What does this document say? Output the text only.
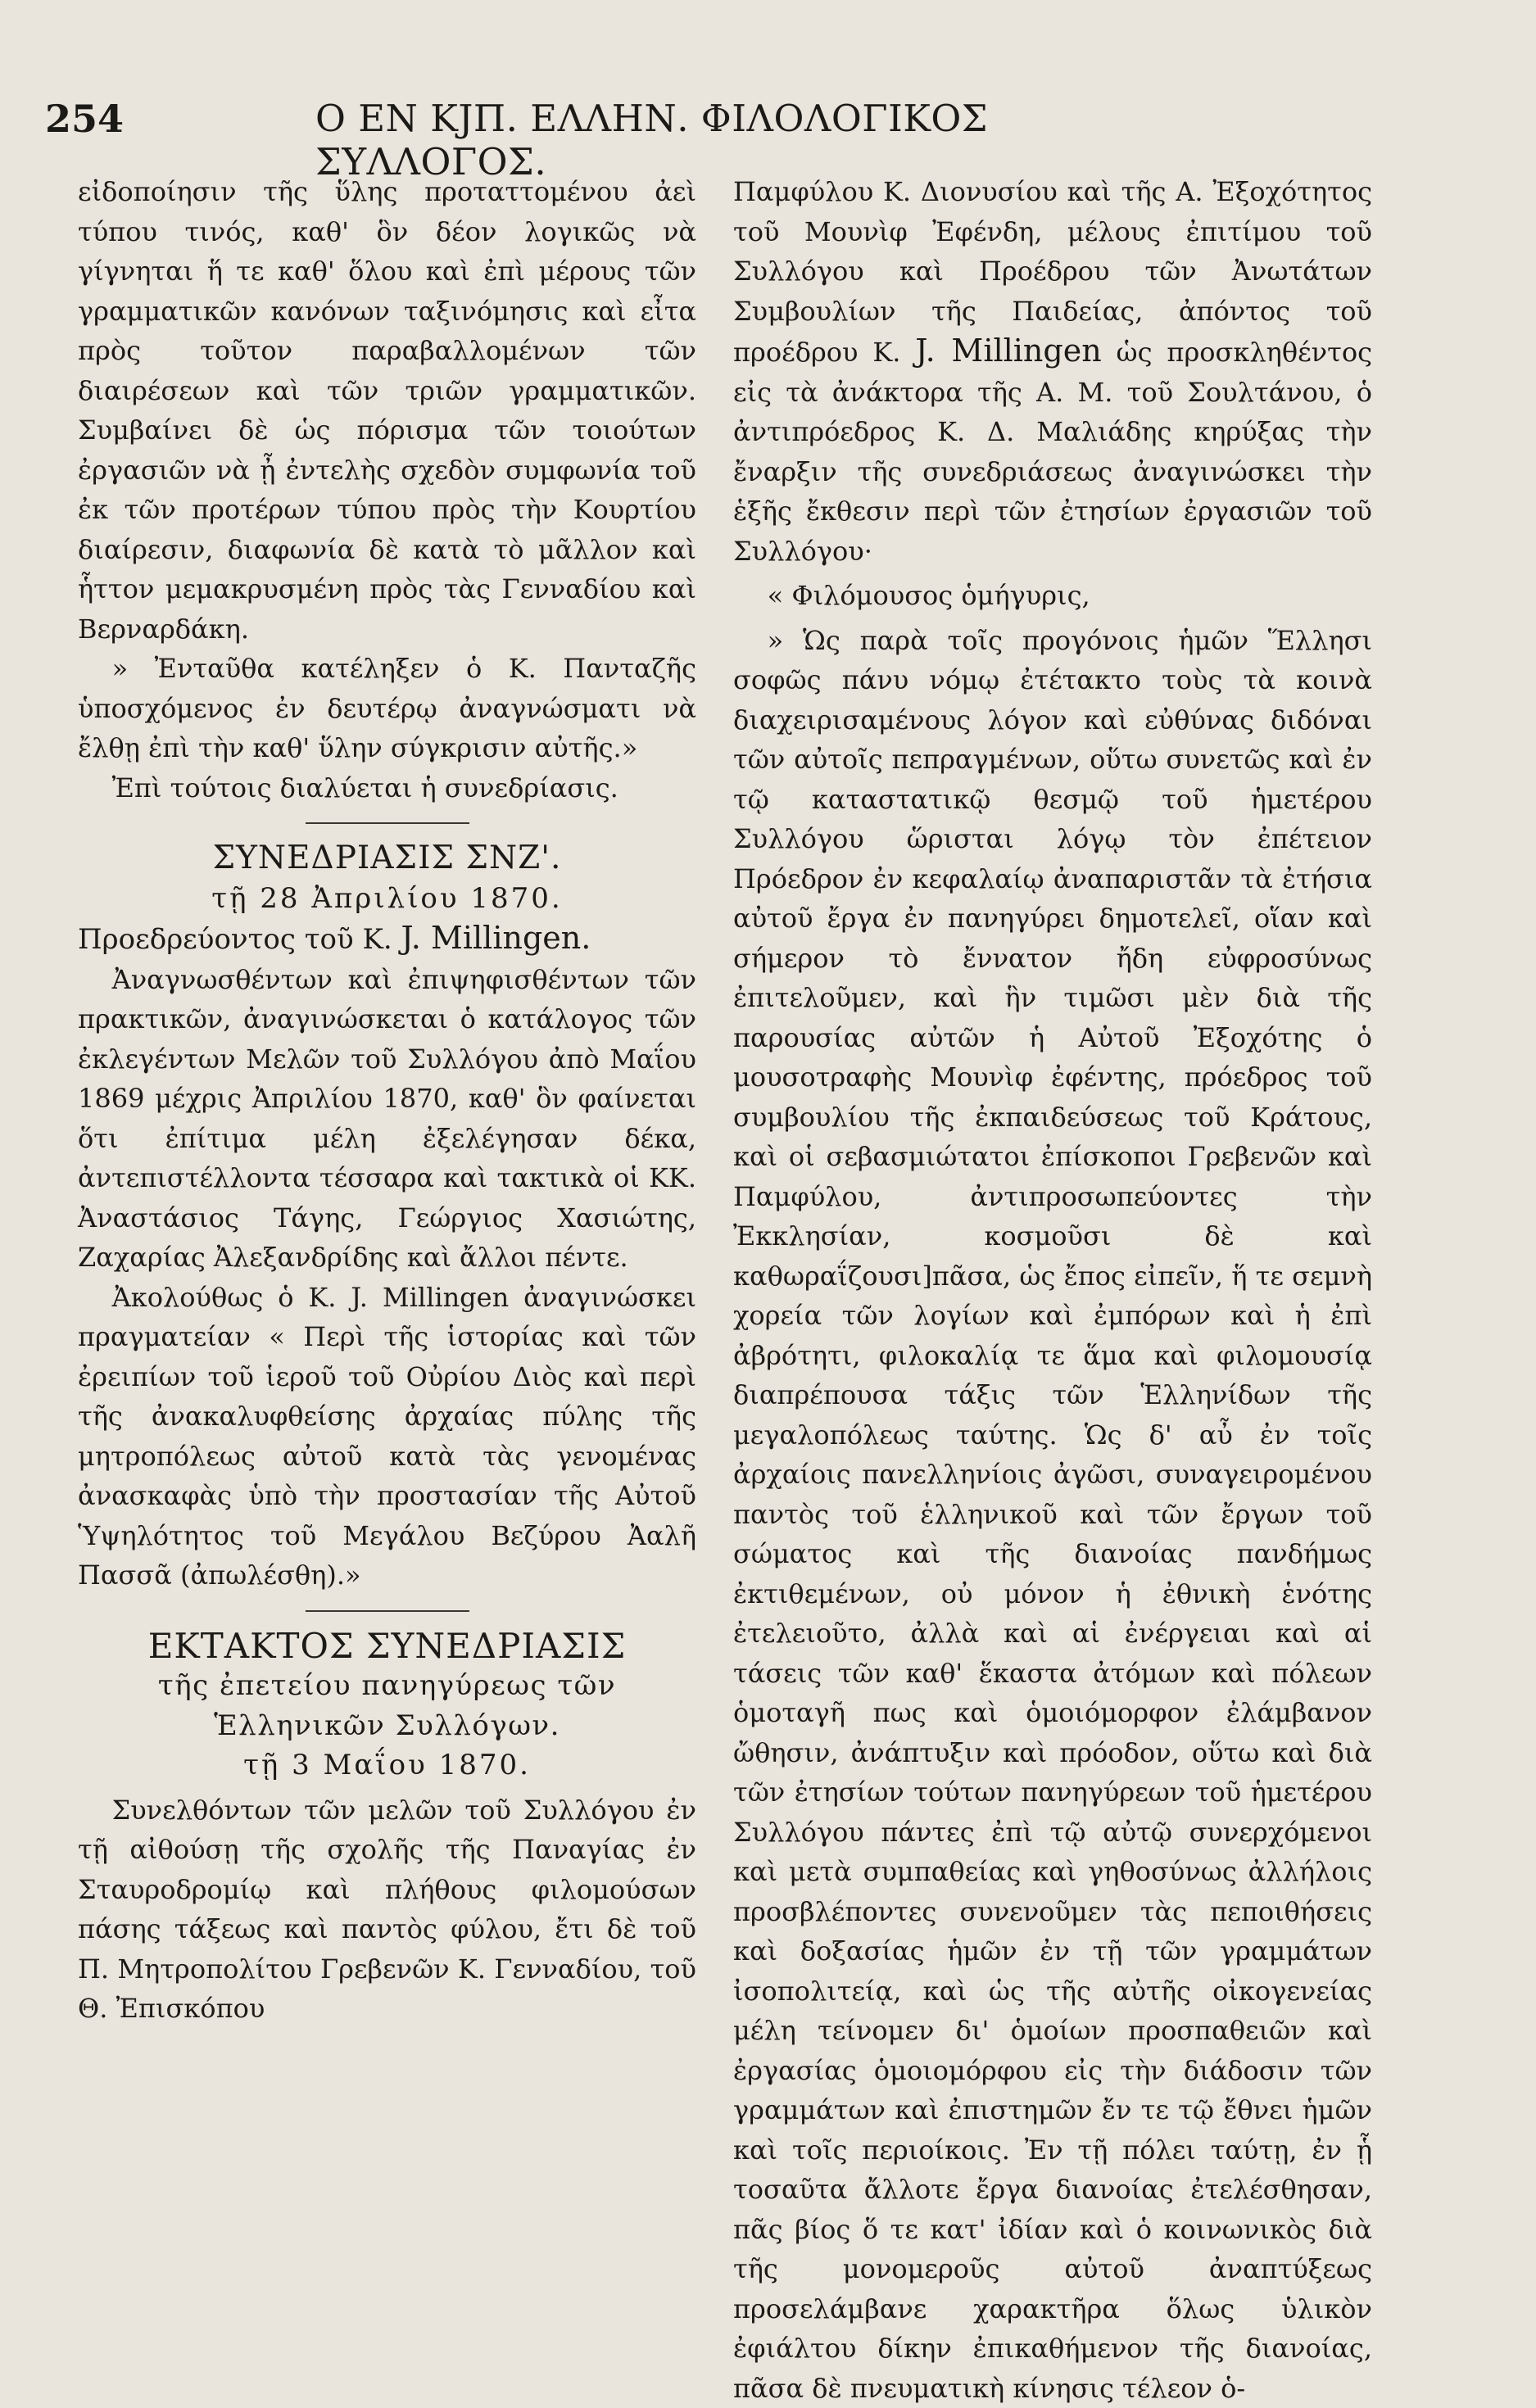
254	Ο ΕΝ ΚJΠ. ΕΛΛΗΝ. ΦΙΛΟΛΟΓΙΚΟΣ ΣΥΛΛΟΓΟΣ.

εἰδοποίησιν τῆς ὕλης προταττομένου ἀεὶ τύπου τινός, καθ' ὃν δέον λογικῶς νὰ γίγνηται ἥ τε καθ' ὅλου καὶ ἐπὶ μέρους τῶν γραμματικῶν κανόνων ταξινόμησις καὶ εἶτα πρὸς τοῦτον παραβαλλομένων τῶν διαιρέσεων καὶ τῶν τριῶν γραμματικῶν. Συμβαίνει δὲ ὡς πόρισμα τῶν τοιούτων ἐργασιῶν νὰ ᾖ ἐντελὴς σχεδὸν συμφωνία τοῦ ἐκ τῶν προτέρων τύπου πρὸς τὴν Κουρτίου διαίρεσιν, διαφωνία δὲ κατὰ τὸ μᾶλλον καὶ ἧττον μεμακρυσμένη πρὸς τὰς Γενναδίου καὶ Βερναρδάκη.

» Ἐνταῦθα κατέληξεν ὁ Κ. Πανταζῆς ὑποσχόμενος ἐν δευτέρῳ ἀναγνώσματι νὰ ἔλθῃ ἐπὶ τὴν καθ' ὕλην σύγκρισιν αὐτῆς.»

Ἐπὶ τούτοις διαλύεται ἡ συνεδρίασις.

ΣΥΝΕΔΡΙΑΣΙΣ ΣΝΖ'.

τῇ 28 Ἀπριλίου 1870.

Προεδρεύοντος τοῦ Κ. J. Millingen.

Ἀναγνωσθέντων καὶ ἐπιψηφισθέντων τῶν πρακτικῶν, ἀναγινώσκεται ὁ κατάλογος τῶν ἐκλεγέντων Μελῶν τοῦ Συλλόγου ἀπὸ Μαΐου 1869 μέχρις Ἀπριλίου 1870, καθ' ὃν φαίνεται ὅτι ἐπίτιμα μέλη ἐξελέγησαν δέκα, ἀντεπιστέλλοντα τέσσαρα καὶ τακτικὰ οἱ ΚΚ. Ἀναστάσιος Τάγης, Γεώργιος Χασιώτης, Ζαχαρίας Ἀλεξανδρίδης καὶ ἄλλοι πέντε.

Ἀκολούθως ὁ Κ. J. Millingen ἀναγινώσκει πραγματείαν « Περὶ τῆς ἱστορίας καὶ τῶν ἐρειπίων τοῦ ἱεροῦ τοῦ Οὐρίου Διὸς καὶ περὶ τῆς ἀνακαλυφθείσης ἀρχαίας πύλης τῆς μητροπόλεως αὐτοῦ κατὰ τὰς γενομένας ἀνασκαφὰς ὑπὸ τὴν προστασίαν τῆς Αὐτοῦ Ὑψηλότητος τοῦ Μεγάλου Βεζύρου Ἀαλῆ Πασσᾶ (ἀπωλέσθη).»

ΕΚΤΑΚΤΟΣ ΣΥΝΕΔΡΙΑΣΙΣ

τῆς ἐπετείου πανηγύρεως τῶν

Ἑλληνικῶν Συλλόγων.

τῇ 3 Μαΐου 1870.

Συνελθόντων τῶν μελῶν τοῦ Συλλόγου ἐν τῇ αἰθούσῃ τῆς σχολῆς τῆς Παναγίας ἐν Σταυροδρομίῳ καὶ πλήθους φιλομούσων πάσης τάξεως καὶ παντὸς φύλου, ἔτι δὲ τοῦ Π. Μητροπολίτου Γρεβενῶν Κ. Γενναδίου, τοῦ Θ. Ἐπισκόπου

Παμφύλου Κ. Διονυσίου καὶ τῆς Α. Ἐξοχότητος τοῦ Μουνὶφ Ἐφένδη, μέλους ἐπιτίμου τοῦ Συλλόγου καὶ Προέδρου τῶν Ἀνωτάτων Συμβουλίων τῆς Παιδείας, ἀπόντος τοῦ προέδρου Κ. J. Millingen ὡς προσκληθέντος εἰς τὰ ἀνάκτορα τῆς Α. Μ. τοῦ Σουλτάνου, ὁ ἀντιπρόεδρος Κ. Δ. Μαλιάδης κηρύξας τὴν ἔναρξιν τῆς συνεδριάσεως ἀναγινώσκει τὴν ἑξῆς ἔκθεσιν περὶ τῶν ἐτησίων ἐργασιῶν τοῦ Συλλόγου·

« Φιλόμουσος ὁμήγυρις,

» Ὡς παρὰ τοῖς προγόνοις ἡμῶν Ἕλλησι σοφῶς πάνυ νόμῳ ἐτέτακτο τοὺς τὰ κοινὰ διαχειρισαμένους λόγον καὶ εὐθύνας διδόναι τῶν αὐτοῖς πεπραγμένων, οὕτω συνετῶς καὶ ἐν τῷ καταστατικῷ θεσμῷ τοῦ ἡμετέρου Συλλόγου ὥρισται λόγῳ τὸν ἐπέτειον Πρόεδρον ἐν κεφαλαίῳ ἀναπαριστᾶν τὰ ἐτήσια αὐτοῦ ἔργα ἐν πανηγύρει δημοτελεῖ, οἵαν καὶ σήμερον τὸ ἔννατον ἤδη εὐφροσύνως ἐπιτελοῦμεν, καὶ ἣν τιμῶσι μὲν διὰ τῆς παρουσίας αὐτῶν ἡ Αὐτοῦ Ἐξοχότης ὁ μουσοτραφὴς Μουνὶφ ἐφέντης, πρόεδρος τοῦ συμβουλίου τῆς ἐκπαιδεύσεως τοῦ Κράτους, καὶ οἱ σεβασμιώτατοι ἐπίσκοποι Γρεβενῶν καὶ Παμφύλου, ἀντιπροσωπεύοντες τὴν Ἐκκλησίαν, κοσμοῦσι δὲ καὶ καθωραΐζουσι]πᾶσα, ὡς ἔπος εἰπεῖν, ἥ τε σεμνὴ χορεία τῶν λογίων καὶ ἐμπόρων καὶ ἡ ἐπὶ ἀβρότητι, φιλοκαλίᾳ τε ἅμα καὶ φιλομουσίᾳ διαπρέπουσα τάξις τῶν Ἑλληνίδων τῆς μεγαλοπόλεως ταύτης. Ὡς δ' αὖ ἐν τοῖς ἀρχαίοις πανελληνίοις ἀγῶσι, συναγειρομένου παντὸς τοῦ ἑλληνικοῦ καὶ τῶν ἔργων τοῦ σώματος καὶ τῆς διανοίας πανδήμως ἐκτιθεμένων, οὐ μόνον ἡ ἐθνικὴ ἑνότης ἐτελειοῦτο, ἀλλὰ καὶ αἱ ἐνέργειαι καὶ αἱ τάσεις τῶν καθ' ἕκαστα ἀτόμων καὶ πόλεων ὁμοταγῆ πως καὶ ὁμοιόμορφον ἐλάμβανον ὤθησιν, ἀνάπτυξιν καὶ πρόοδον, οὕτω καὶ διὰ τῶν ἐτησίων τούτων πανηγύρεων τοῦ ἡμετέρου Συλλόγου πάντες ἐπὶ τῷ αὐτῷ συνερχόμενοι καὶ μετὰ συμπαθείας καὶ γηθοσύνως ἀλλήλοις προσβλέποντες συνενοῦμεν τὰς πεποιθήσεις καὶ δοξασίας ἡμῶν ἐν τῇ τῶν γραμμάτων ἰσοπολιτείᾳ, καὶ ὡς τῆς αὐτῆς οἰκογενείας μέλη τείνομεν δι' ὁμοίων προσπαθειῶν καὶ ἐργασίας ὁμοιομόρφου εἰς τὴν διάδοσιν τῶν γραμμάτων καὶ ἐπιστημῶν ἔν τε τῷ ἔθνει ἡμῶν καὶ τοῖς περιοίκοις. Ἐν τῇ πόλει ταύτῃ, ἐν ᾗ τοσαῦτα ἄλλοτε ἔργα διανοίας ἐτελέσθησαν, πᾶς βίος ὅ τε κατ' ἰδίαν καὶ ὁ κοινωνικὸς διὰ τῆς μονομεροῦς αὐτοῦ ἀναπτύξεως προσελάμβανε χαρακτῆρα ὅλως ὑλικὸν ἐφιάλτου δίκην ἐπικαθήμενον τῆς διανοίας, πᾶσα δὲ πνευματικὴ κίνησις τέλεον ὁ-
